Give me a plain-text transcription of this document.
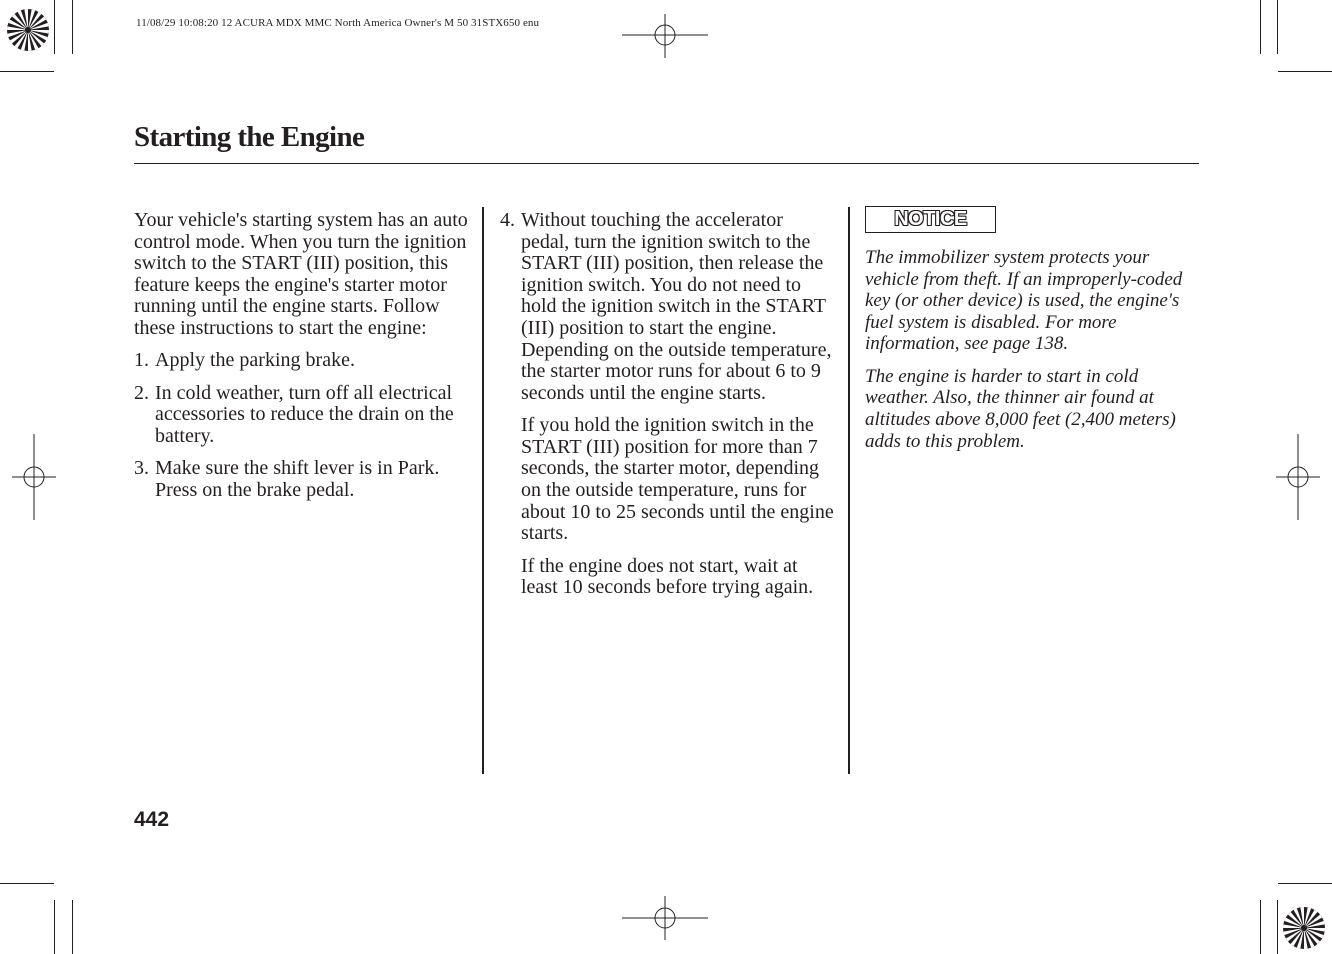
11/08/29 10:08:20 12 ACURA MDX MMC North America Owner's M 50 31STX650 enu
Starting the Engine

Your vehicle's starting system has an auto control mode. When you turn the ignition switch to the START (III) position, this feature keeps the engine's starter motor running until the engine starts. Follow these instructions to start the engine:

1. Apply the parking brake.
2. In cold weather, turn off all electrical accessories to reduce the drain on the battery.
3. Make sure the shift lever is in Park. Press on the brake pedal.
4. Without touching the accelerator pedal, turn the ignition switch to the START (III) position, then release the ignition switch. You do not need to hold the ignition switch in the START (III) position to start the engine. Depending on the outside temperature, the starter motor runs for about 6 to 9 seconds until the engine starts.

If you hold the ignition switch in the START (III) position for more than 7 seconds, the starter motor, depending on the outside temperature, runs for about 10 to 25 seconds until the engine starts.

If the engine does not start, wait at least 10 seconds before trying again.

NOTICE

The immobilizer system protects your vehicle from theft. If an improperly-coded key (or other device) is used, the engine's fuel system is disabled. For more information, see page 138.

The engine is harder to start in cold weather. Also, the thinner air found at altitudes above 8,000 feet (2,400 meters) adds to this problem.

442
